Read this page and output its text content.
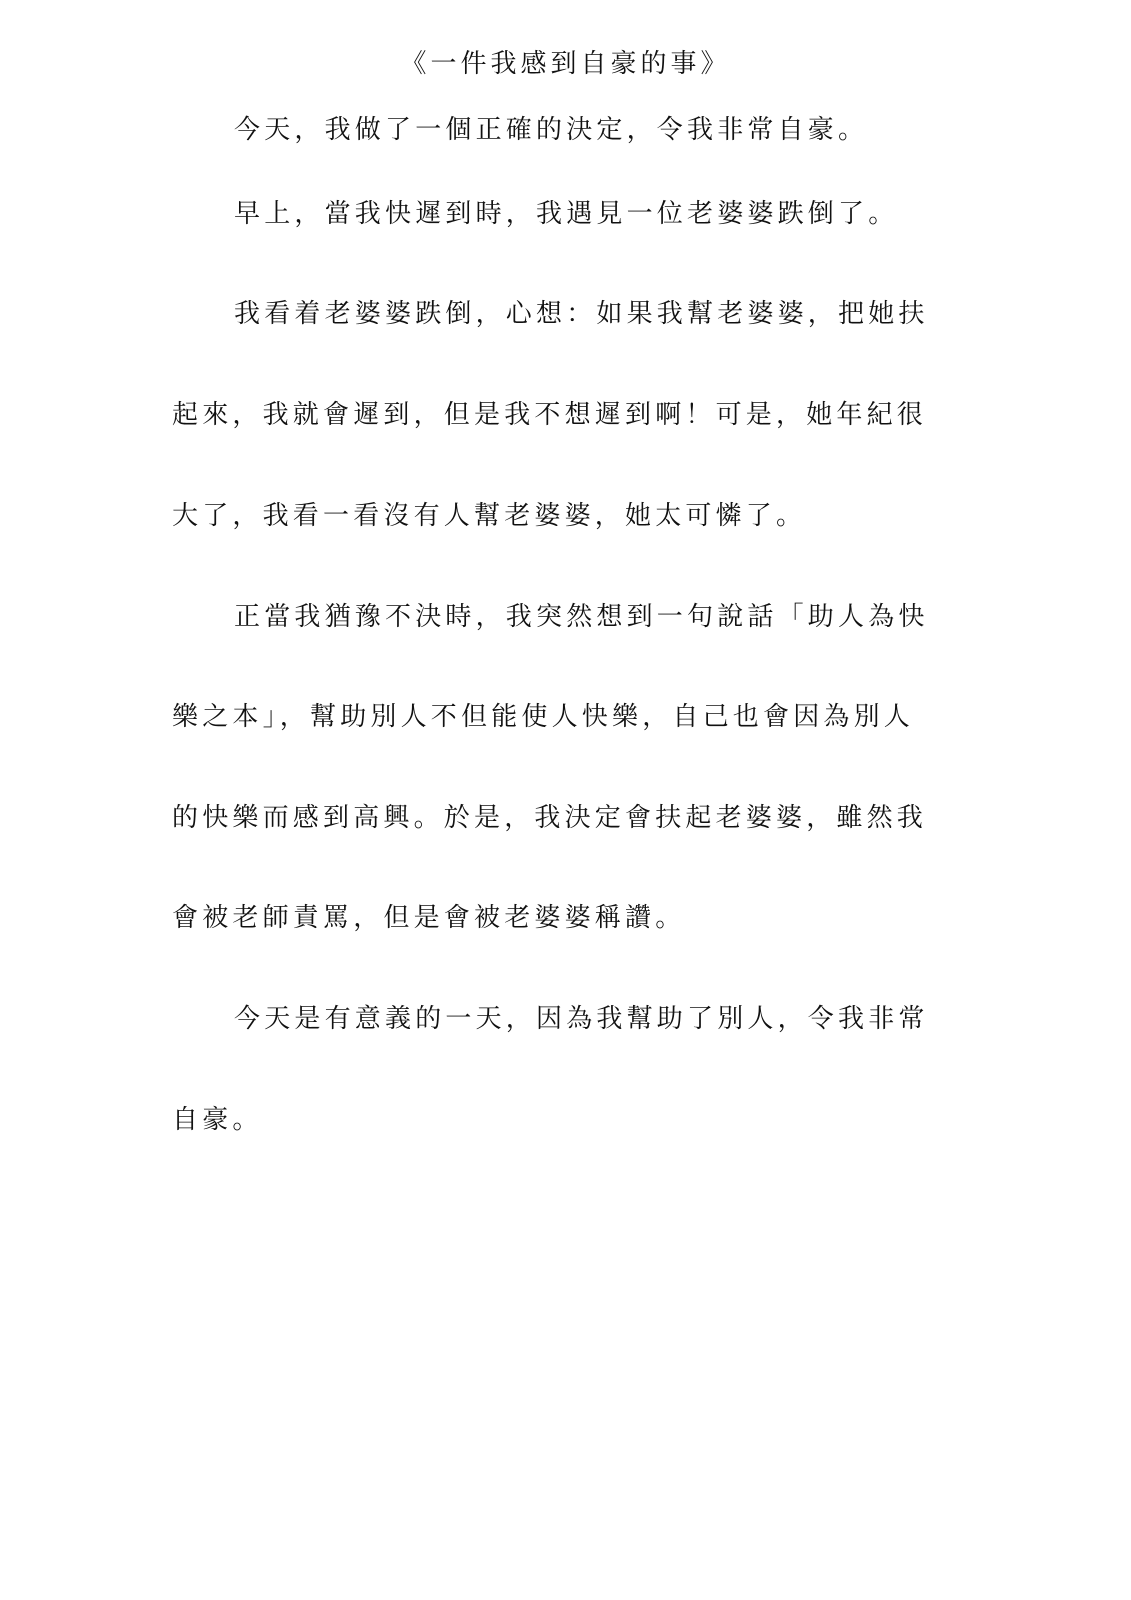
《一件我感到自豪的事》
今天，我做了一個正確的決定，令我非常自豪。
早上，當我快遲到時，我遇見一位老婆婆跌倒了。
我看着老婆婆跌倒，心想：如果我幫老婆婆，把她扶
起來，我就會遲到，但是我不想遲到啊！可是，她年紀很
大了，我看一看沒有人幫老婆婆，她太可憐了。
正當我猶豫不決時，我突然想到一句說話「助人為快
樂之本」，幫助別人不但能使人快樂，自己也會因為別人
的快樂而感到高興。於是，我決定會扶起老婆婆，雖然我
會被老師責罵，但是會被老婆婆稱讚。
今天是有意義的一天，因為我幫助了別人，令我非常
自豪。
